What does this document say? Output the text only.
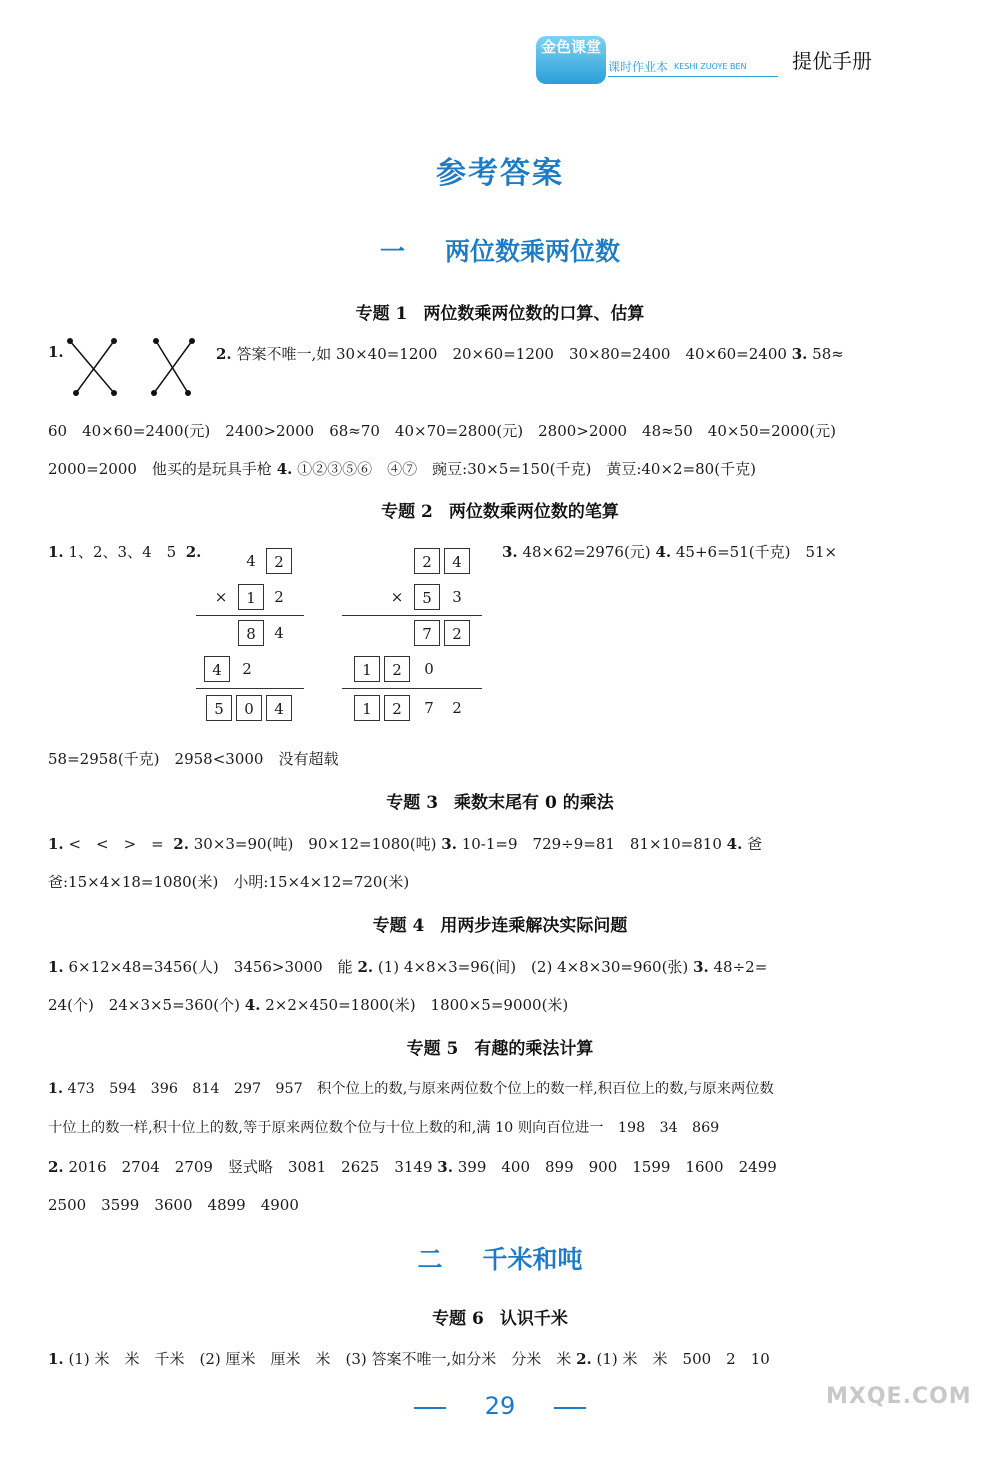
金色课堂
课时作业本 KESHI ZUOYE BEN 提优手册
参考答案
一 两位数乘两位数
专题 1 两位数乘两位数的口算、估算
1.	2. 答案不唯一,如 30×40=1200　20×60=1200　30×80=2400　40×60=2400 3. 58≈
60　40×60=2400(元)　2400>2000　68≈70　40×70=2800(元)　2800>2000　48≈50　40×50=2000(元)
2000=2000　他买的是玩具手枪 4. ①②③⑤⑥　④⑦　豌豆:30×5=150(千克)　黄豆:40×2=80(千克)
专题 2 两位数乘两位数的笔算
1. 1、2、3、4　5 2.	4	2
×	1	2
8	4
4	2
5	0	4
2	4
×	5	3
7	2
1	2	0
1	2	7	2
3. 48×62=2976(元) 4. 45+6=51(千克)　51×
58=2958(千克)　2958<3000　没有超载
专题 3 乘数末尾有 0 的乘法
1. <　<　>　= 2. 30×3=90(吨)　90×12=1080(吨) 3. 10-1=9　729÷9=81　81×10=810 4. 爸
爸:15×4×18=1080(米)　小明:15×4×12=720(米)
专题 4 用两步连乘解决实际问题
1. 6×12×48=3456(人)　3456>3000　能 2. (1) 4×8×3=96(间)　(2) 4×8×30=960(张) 3. 48÷2=
24(个)　24×3×5=360(个) 4. 2×2×450=1800(米)　1800×5=9000(米)
专题 5 有趣的乘法计算
1. 473　594　396　814　297　957　积个位上的数,与原来两位数个位上的数一样,积百位上的数,与原来两位数
十位上的数一样,积十位上的数,等于原来两位数个位与十位上数的和,满 10 则向百位进一　198　34　869
2. 2016　2704　2709　竖式略　3081　2625　3149 3. 399　400　899　900　1599　1600　2499
2500　3599　3600　4899　4900
二 千米和吨
专题 6 认识千米
1. (1) 米　米　千米　(2) 厘米　厘米　米　(3) 答案不唯一,如分米　分米　米 2. (1) 米　米　500　2　10
29	MXQE.COM
